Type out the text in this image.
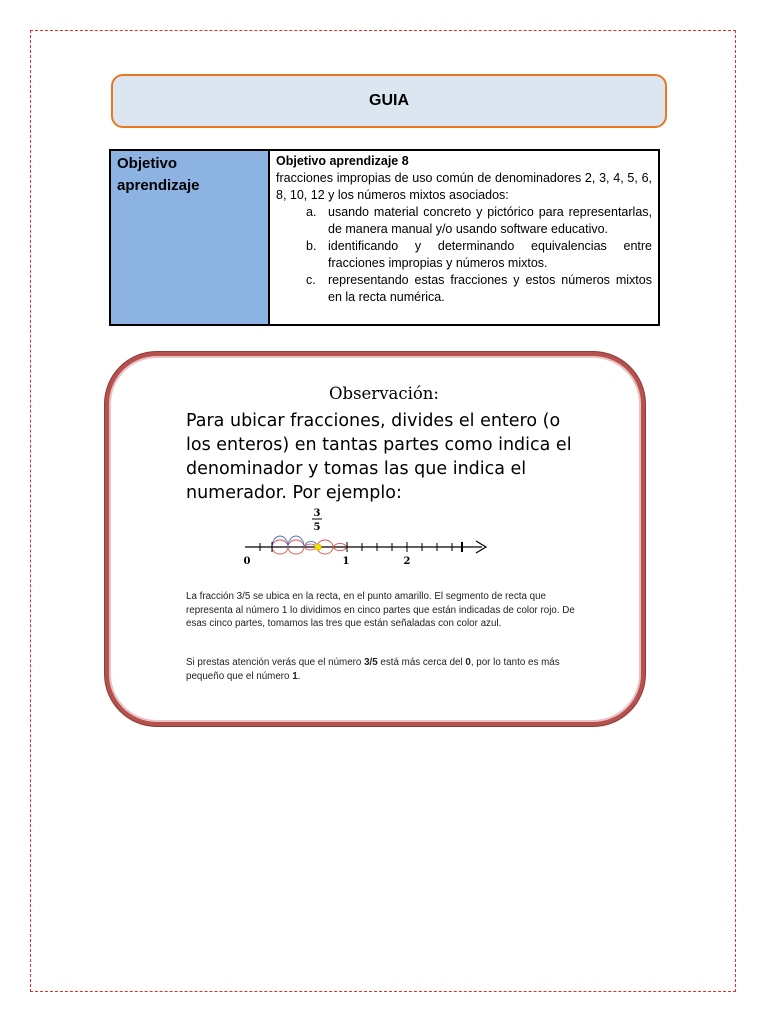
GUIA
Objetivo aprendizaje
Objetivo aprendizaje 8
fracciones impropias de uso común de denominadores 2, 3, 4, 5, 6, 8, 10, 12 y los números mixtos asociados:
a. usando material concreto y pictórico para representarlas, de manera manual y/o usando software educativo.
b. identificando y determinando equivalencias entre fracciones impropias y números mixtos.
c. representando estas fracciones y estos números mixtos en la recta numérica.
Observación:
Para ubicar fracciones, divides el entero (o los enteros) en tantas partes como indica el denominador y tomas las que indica el numerador. Por ejemplo:
3
5
0	1	2
La fracción 3/5 se ubica en la recta, en el punto amarillo. El segmento de recta que representa al número 1 lo dividimos en cinco partes que están indicadas de color rojo. De esas cinco partes, tomamos las tres que están señaladas con color azul.
Si prestas atención verás que el número 3/5 está más cerca del 0, por lo tanto es más pequeño que el número 1.
